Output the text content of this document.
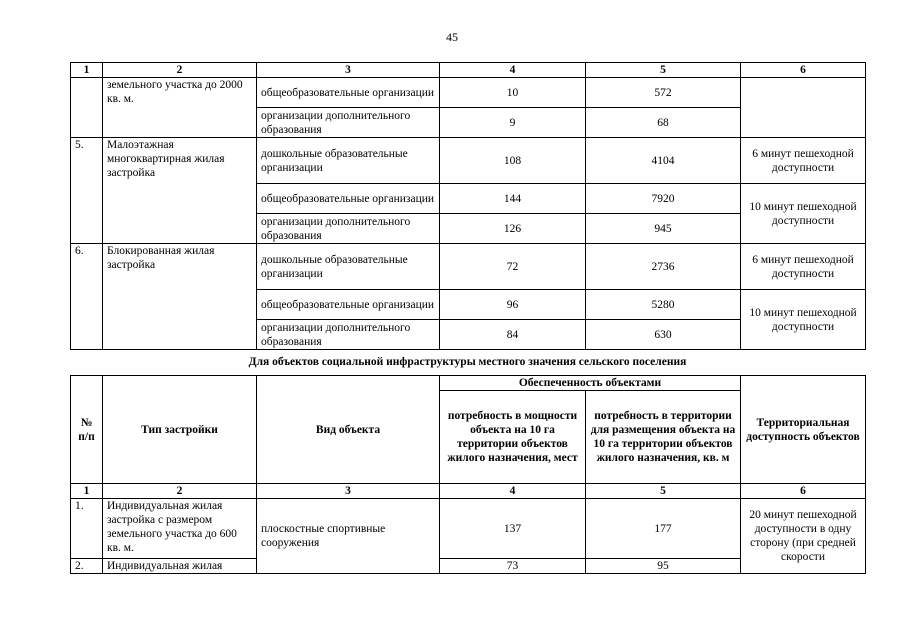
45
1	2	3	4	5	6
	земельного участка до 2000 кв. м.	общеобразовательные организации	10	572	
		организации дополнительного образования	9	68	
5.	Малоэтажная многоквартирная жилая застройка	дошкольные образовательные организации	108	4104	6 минут пешеходной доступности
		общеобразовательные организации	144	7920	10 минут пешеходной доступности
		организации дополнительного образования	126	945	
6.	Блокированная жилая застройка	дошкольные образовательные организации	72	2736	6 минут пешеходной доступности
		общеобразовательные организации	96	5280	10 минут пешеходной доступности
		организации дополнительного образования	84	630	
Для объектов социальной инфраструктуры местного значения сельского поселения
№ п/п	Тип застройки	Вид объекта	Обеспеченность объектами		Территориальная доступность объектов
			потребность в мощности объекта на 10 га территории объектов жилого назначения, мест	потребность в территории для размещения объекта на 10 га территории объектов жилого назначения, кв. м	
1	2	3	4	5	6
1.	Индивидуальная жилая застройка с размером земельного участка до 600 кв. м.	плоскостные спортивные сооружения	137	177	20 минут пешеходной доступности в одну сторону (при средней скорости
2.	Индивидуальная жилая		73	95	
